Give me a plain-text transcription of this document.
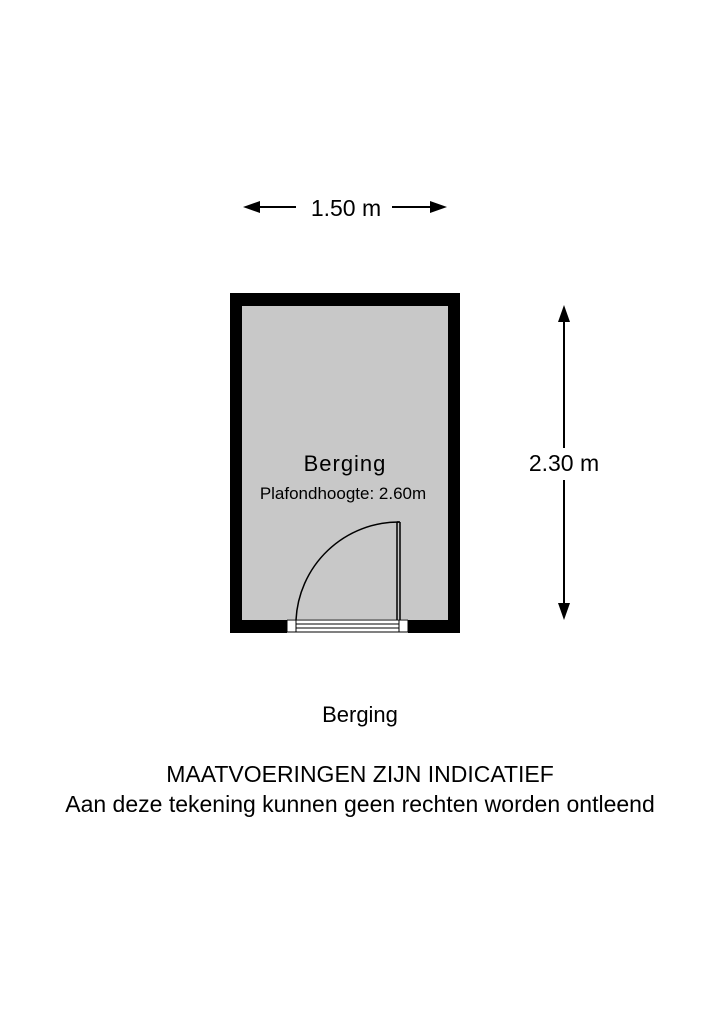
1.50 m
2.30 m
Berging
Plafondhoogte: 2.60m
Berging
MAATVOERINGEN ZIJN INDICATIEF
Aan deze tekening kunnen geen rechten worden ontleend
